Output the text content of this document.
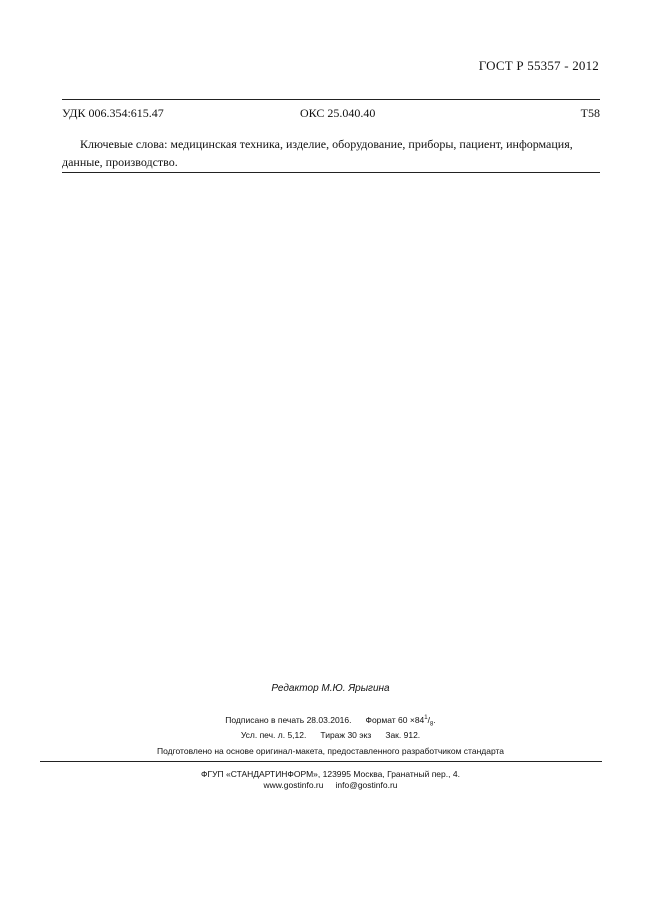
ГОСТ Р 55357 - 2012
УДК 006.354:615.47	ОКС 25.040.40	Т58

Ключевые слова: медицинская техника, изделие, оборудование, приборы, пациент, информация, данные, производство.

Редактор М.Ю. Ярыгина
Подписано в печать 28.03.2016. Формат $60 \times 84^1/_8$.
Усл. печ. л. 5,12. Тираж 30 экз Зак. 912.
Подготовлено на основе оригинал-макета, предоставленного разработчиком стандарта
ФГУП «СТАНДАРТИНФОРМ», 123995 Москва, Гранатный пер., 4.
www.gostinfo.ru info@gostinfo.ru
